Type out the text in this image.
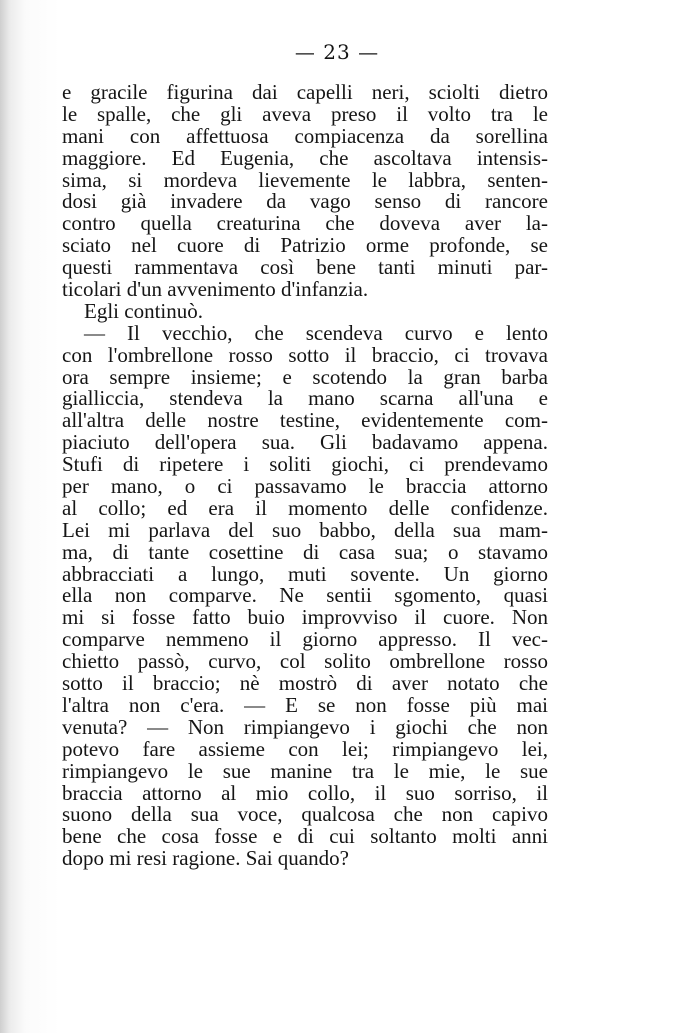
— 23 —
e gracile figurina dai capelli neri, sciolti dietro
le spalle, che gli aveva preso il volto tra le
mani con affettuosa compiacenza da sorellina
maggiore. Ed Eugenia, che ascoltava intensis-
sima, si mordeva lievemente le labbra, senten-
dosi già invadere da vago senso di rancore
contro quella creaturina che doveva aver la-
sciato nel cuore di Patrizio orme profonde, se
questi rammentava così bene tanti minuti par-
ticolari d'un avvenimento d'infanzia.
Egli continuò.
— Il vecchio, che scendeva curvo e lento
con l'ombrellone rosso sotto il braccio, ci trovava
ora sempre insieme; e scotendo la gran barba
gialliccia, stendeva la mano scarna all'una e
all'altra delle nostre testine, evidentemente com-
piaciuto dell'opera sua. Gli badavamo appena.
Stufi di ripetere i soliti giochi, ci prendevamo
per mano, o ci passavamo le braccia attorno
al collo; ed era il momento delle confidenze.
Lei mi parlava del suo babbo, della sua mam-
ma, di tante cosettine di casa sua; o stavamo
abbracciati a lungo, muti sovente. Un giorno
ella non comparve. Ne sentii sgomento, quasi
mi si fosse fatto buio improvviso il cuore. Non
comparve nemmeno il giorno appresso. Il vec-
chietto passò, curvo, col solito ombrellone rosso
sotto il braccio; nè mostrò di aver notato che
l'altra non c'era. — E se non fosse più mai
venuta? — Non rimpiangevo i giochi che non
potevo fare assieme con lei; rimpiangevo lei,
rimpiangevo le sue manine tra le mie, le sue
braccia attorno al mio collo, il suo sorriso, il
suono della sua voce, qualcosa che non capivo
bene che cosa fosse e di cui soltanto molti anni
dopo mi resi ragione. Sai quando?
